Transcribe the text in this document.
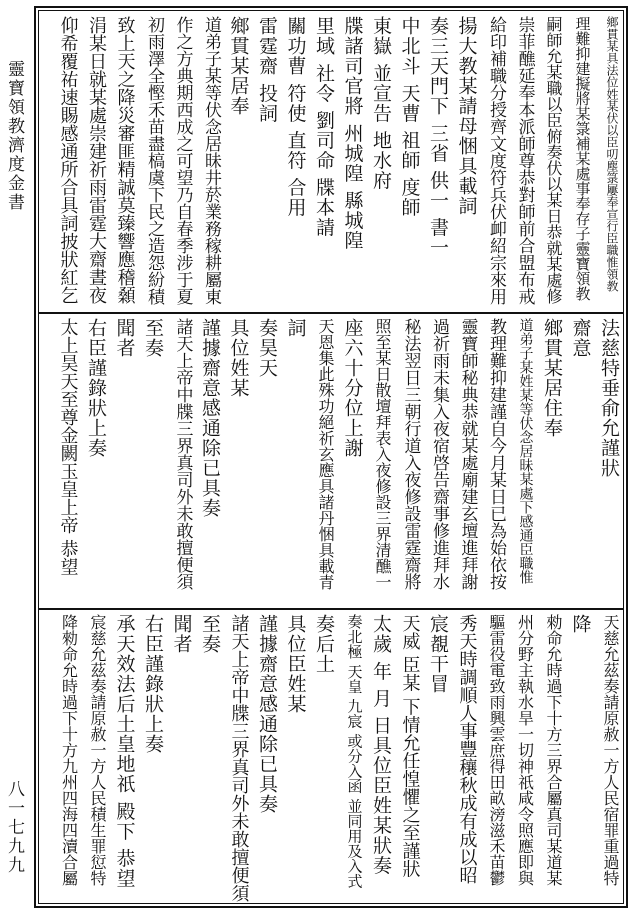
靈寶領教濟度金書
八一七九九
鄉貫某具法位姓某伏以臣叨塵箓屢奉宣行臣職惟領教
理難抑建擬將某箓補某處事奉存子靈寶領教
嗣師允某職以臣俯奏伏以某日恭就某處修
崇菲醮延奉本派師尊恭對師前合盟布戒
給印補職分授齊文度符兵伏卹紹宗來用
揚大教某請母悃具載詞
奏三天門下 三省 供一 書一
中北斗 天曹 祖師 度師
東嶽 並宣告 地水府
牒諸司官將 州城隍 縣城隍
里域 社令 劉司命 牒本請
關功曹 符使 直符 合用
雷霆齋 投詞
鄉貫某居奉
道弟子某等伏念居昧井菸業務稼耕屬東
作之方典期西成之可望乃自春季涉于夏
初雨澤全慳禾苗盡槁虞下民之造怨紛積
致上天之降災審匪精誠莫臻響應稽顙
涓某日就某處崇建祈雨雷霆大齋晝夜
仰希覆祐速賜感通所合具詞披狀紅乞
法慈特垂俞允謹狀
齋意
鄉貫某居住奉
道弟子某姓某等伏念居昧某處下感通臣職惟
教理難抑建謹自今月某日已為始依按
靈寶師秘典恭就某處廟建玄壇進拜謝
過祈雨未集入夜宿啓告齋事修進拜水
秘法翌日三朝行道入夜修設雷霆齋將
照至某日散壇拜表入夜修設三界清醮一
座六十分位上謝
天恩集此殊功絕祈玄應具諸丹悃具載青
詞
奏昊天
具位姓某
謹據齋意感通除已具奏
諸天上帝中牒三界真司外未敢擅便須
至奏
聞者
右臣謹錄狀上奏
太上昊天至尊金闕玉皇上帝 恭望
天慈允茲奏請原赦一方人民宿罪重過特
降
勑命允時過下十方三界合屬真司某道某
州分野主執水旱一切神祇咸令照應即與
驅雷役電致雨興雲庶得田畝滂滋禾苗鬱
秀天時調順人事豐穰秋成有成以昭
宸覩干冒
天威 臣某 下情允任惶懼之至謹狀
太歲 年 月 日具位臣姓某狀奏
奏北極 天皇 九宸 或分入函 並同用及入式
奏后土
具位臣姓某
謹據齋意感通除已具奏
諸天上帝中牒三界真司外未敢擅便須
至奏
聞者
右臣謹錄狀上奏
承天效法后土皇地祇 殿下 恭望
宸慈允茲奏請原赦一方人民積生罪愆特
降勑命允時過下十方九州四海四瀆合屬
